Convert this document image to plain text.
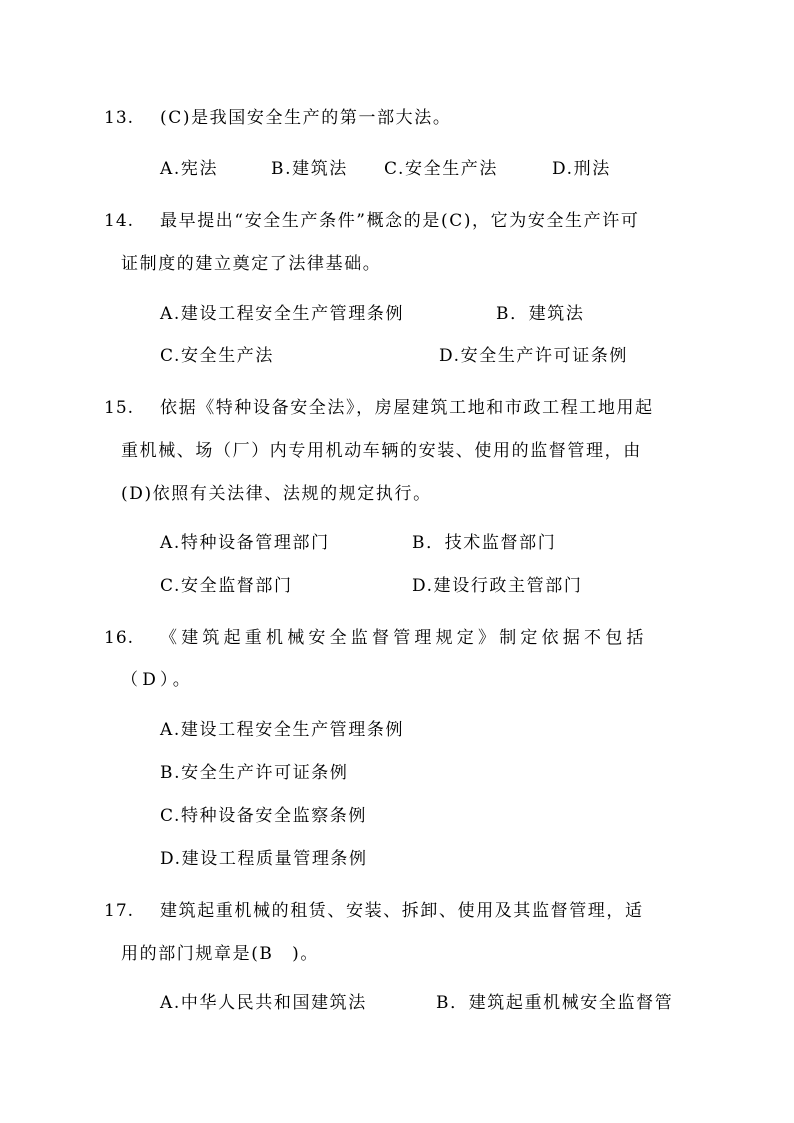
13. (C)是我国安全生产的第一部大法。
A.宪法	B.建筑法 C.安全生产法	D.刑法
14. 最早提出“安全生产条件”概念的是(C)，它为安全生产许可
证制度的建立奠定了法律基础。
A.建设工程安全生产管理条例	B．建筑法
C.安全生产法	D.安全生产许可证条例
15. 依据《特种设备安全法》，房屋建筑工地和市政工程工地用起
重机械、场（厂）内专用机动车辆的安装、使用的监督管理，由
(D)依照有关法律、法规的规定执行。
A.特种设备管理部门	B．技术监督部门
C.安全监督部门	D.建设行政主管部门
16. 《建筑起重机械安全监督管理规定》制定依据不包括
（D）。
A.建设工程安全生产管理条例
B.安全生产许可证条例
C.特种设备安全监察条例
D.建设工程质量管理条例
17. 建筑起重机械的租赁、安装、拆卸、使用及其监督管理，适
用的部门规章是(B　)。
A.中华人民共和国建筑法	B．建筑起重机械安全监督管
